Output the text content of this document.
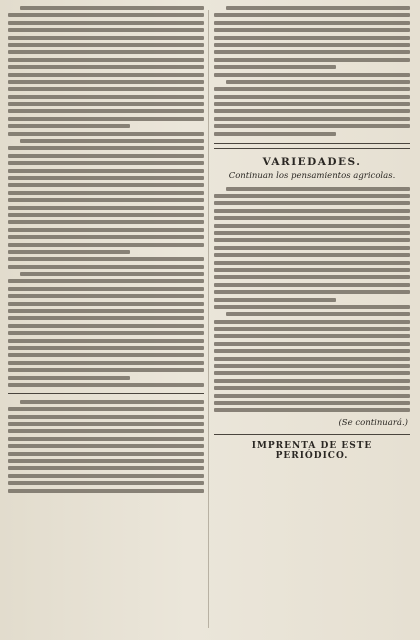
VARIEDADES.
Continuan los pensamientos agricolas.
(Se continuará.)
IMPRENTA DE ESTE PERIÓDICO.
